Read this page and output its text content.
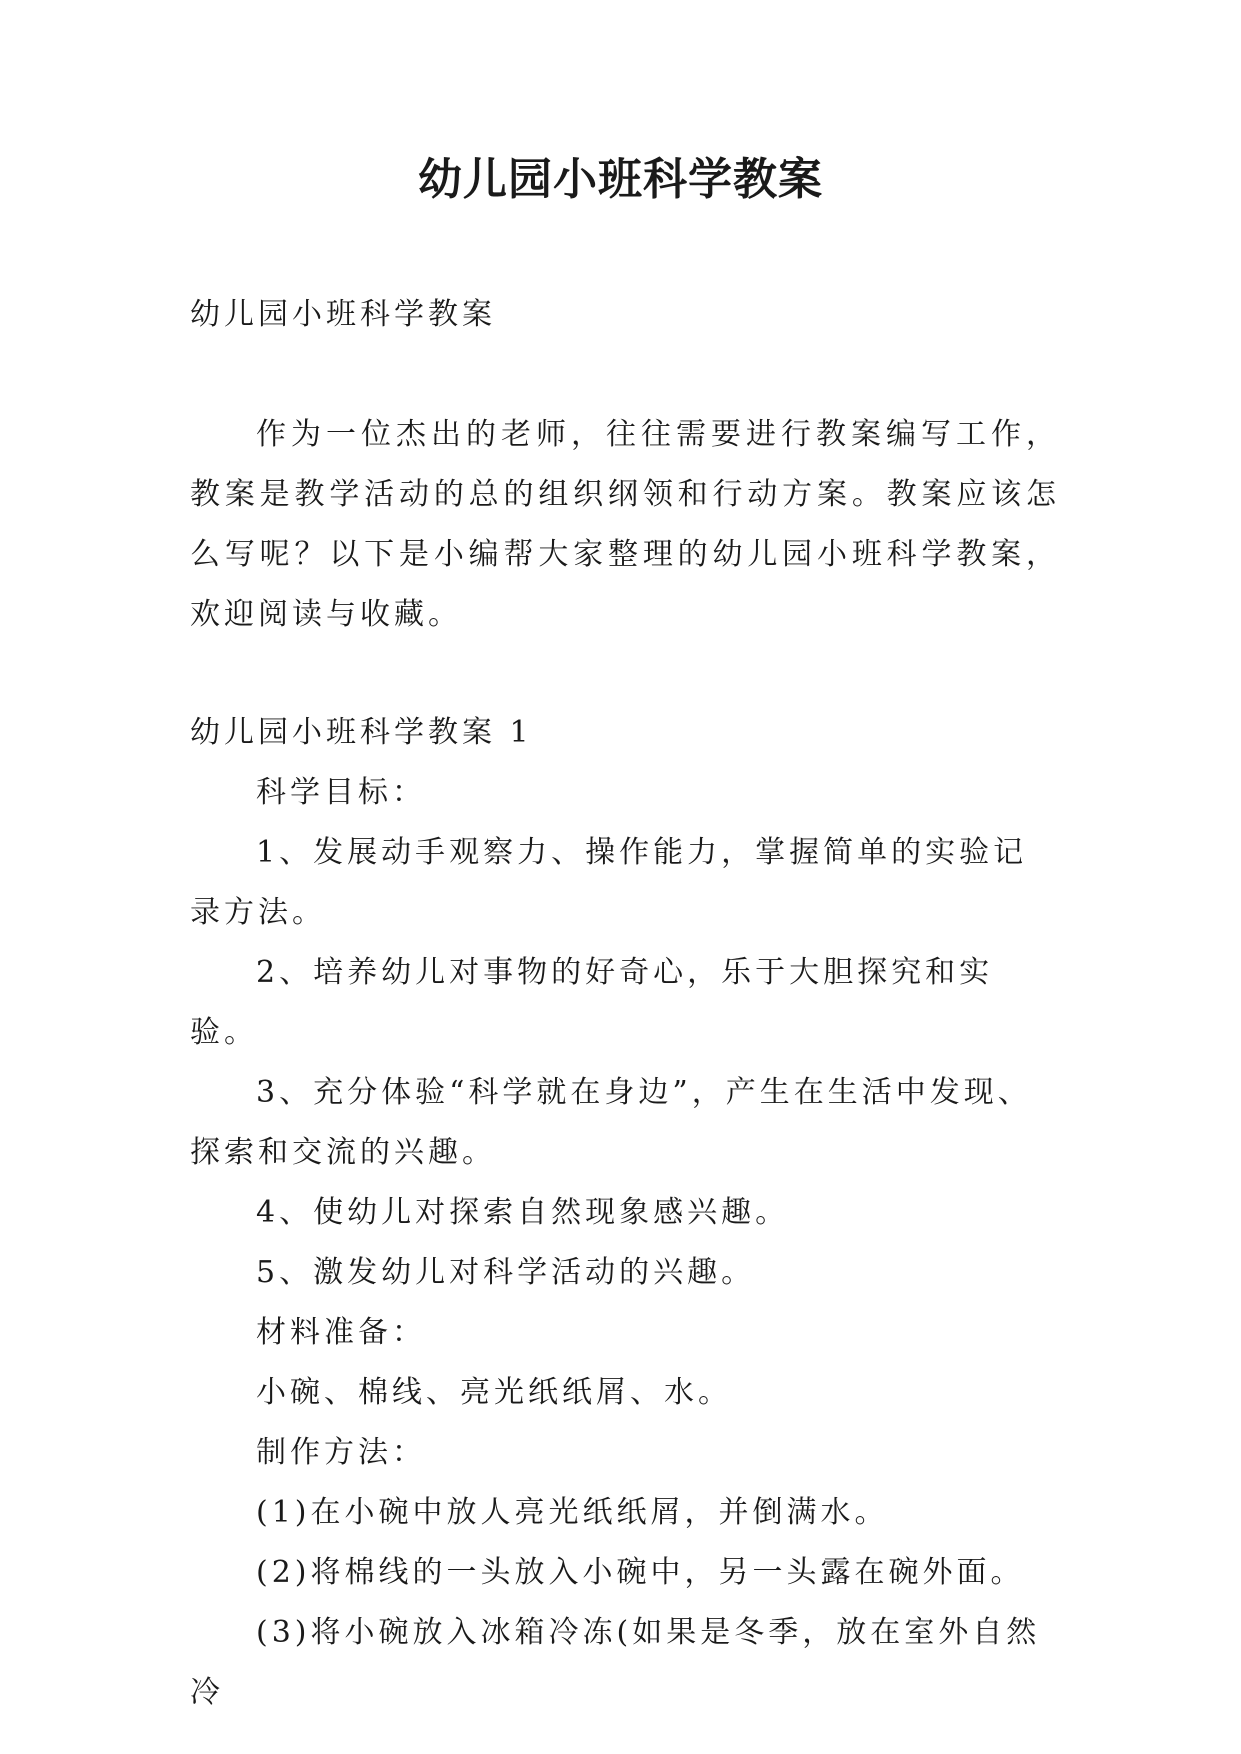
幼儿园小班科学教案
幼儿园小班科学教案
作为一位杰出的老师，往往需要进行教案编写工作，教案是教学活动的总的组织纲领和行动方案。教案应该怎么写呢？以下是小编帮大家整理的幼儿园小班科学教案，欢迎阅读与收藏。

幼儿园小班科学教案 1

科学目标：

1、发展动手观察力、操作能力，掌握简单的实验记录方法。

2、培养幼儿对事物的好奇心，乐于大胆探究和实验。

3、充分体验“科学就在身边”，产生在生活中发现、探索和交流的兴趣。

4、使幼儿对探索自然现象感兴趣。

5、激发幼儿对科学活动的兴趣。

材料准备：

小碗、棉线、亮光纸纸屑、水。

制作方法：

(1)在小碗中放人亮光纸纸屑，并倒满水。

(2)将棉线的一头放入小碗中，另一头露在碗外面。

(3)将小碗放入冰箱冷冻(如果是冬季，放在室外自然冷
